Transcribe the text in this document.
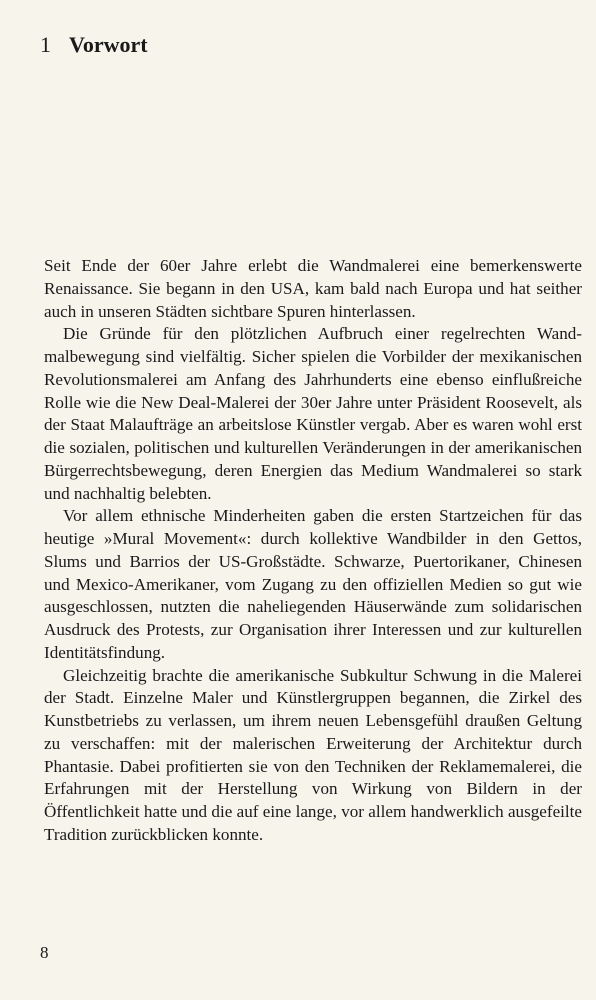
1 Vorwort

Seit Ende der 60er Jahre erlebt die Wandmalerei eine bemerkenswerte Renaissance. Sie begann in den USA, kam bald nach Europa und hat seither auch in unseren Städten sichtbare Spuren hinterlassen.

Die Gründe für den plötzlichen Aufbruch einer regelrechten Wandmalbewegung sind vielfältig. Sicher spielen die Vorbilder der mexikanischen Revolutionsmalerei am Anfang des Jahrhunderts eine ebenso einflußreiche Rolle wie die New Deal-Malerei der 30er Jahre unter Präsident Roosevelt, als der Staat Malaufträge an arbeitslose Künstler vergab. Aber es waren wohl erst die sozialen, politischen und kulturellen Veränderungen in der amerikanischen Bürgerrechtsbewegung, deren Energien das Medium Wandmalerei so stark und nachhaltig belebten.

Vor allem ethnische Minderheiten gaben die ersten Startzeichen für das heutige »Mural Movement«: durch kollektive Wandbilder in den Gettos, Slums und Barrios der US-Großstädte. Schwarze, Puertorikaner, Chinesen und Mexico-Amerikaner, vom Zugang zu den offiziellen Medien so gut wie ausgeschlossen, nutzten die naheliegenden Häuserwände zum solidarischen Ausdruck des Protests, zur Organisation ihrer Interessen und zur kulturellen Identitätsfindung.

Gleichzeitig brachte die amerikanische Subkultur Schwung in die Malerei der Stadt. Einzelne Maler und Künstlergruppen begannen, die Zirkel des Kunstbetriebs zu verlassen, um ihrem neuen Lebensgefühl draußen Geltung zu verschaffen: mit der malerischen Erweiterung der Architektur durch Phantasie. Dabei profitierten sie von den Techniken der Reklamemalerei, die Erfahrungen mit der Herstellung von Wirkung von Bildern in der Öffentlichkeit hatte und die auf eine lange, vor allem handwerklich ausgefeilte Tradition zurückblicken konnte.

8
